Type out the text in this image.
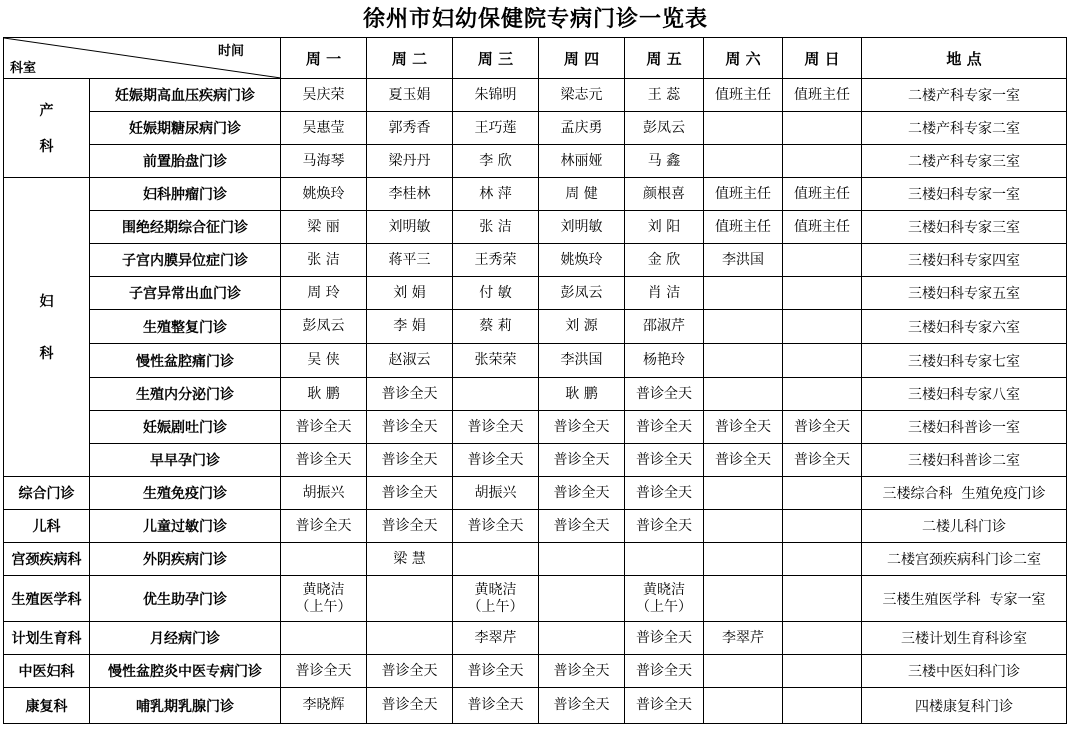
徐州市妇幼保健院专病门诊一览表
时间
科室		周 一	周 二	周 三	周 四	周 五	周 六	周 日	地 点
产

科	妊娠期高血压疾病门诊	吴庆荣	夏玉娟	朱锦明	梁志元	王 蕊	值班主任	值班主任	二楼产科专家一室
	妊娠期糖尿病门诊	吴惠莹	郭秀香	王巧莲	孟庆勇	彭凤云			二楼产科专家二室
	前置胎盘门诊	马海琴	梁丹丹	李 欣	林丽娅	马 鑫			二楼产科专家三室
妇

科	妇科肿瘤门诊	姚焕玲	李桂林	林 萍	周 健	颜根喜	值班主任	值班主任	三楼妇科专家一室
	围绝经期综合征门诊	梁 丽	刘明敏	张 洁	刘明敏	刘 阳	值班主任	值班主任	三楼妇科专家三室
	子宫内膜异位症门诊	张 洁	蒋平三	王秀荣	姚焕玲	金 欣	李洪国		三楼妇科专家四室
	子宫异常出血门诊	周 玲	刘 娟	付 敏	彭凤云	肖 洁			三楼妇科专家五室
	生殖整复门诊	彭凤云	李 娟	蔡 莉	刘 源	邵淑芹			三楼妇科专家六室
	慢性盆腔痛门诊	吴 侠	赵淑云	张荣荣	李洪国	杨艳玲			三楼妇科专家七室
	生殖内分泌门诊	耿 鹏	普诊全天		耿 鹏	普诊全天			三楼妇科专家八室
	妊娠剧吐门诊	普诊全天	普诊全天	普诊全天	普诊全天	普诊全天	普诊全天	普诊全天	三楼妇科普诊一室
	早早孕门诊	普诊全天	普诊全天	普诊全天	普诊全天	普诊全天	普诊全天	普诊全天	三楼妇科普诊二室
综合门诊	生殖免疫门诊	胡振兴	普诊全天	胡振兴	普诊全天	普诊全天			三楼综合科  生殖免疫门诊
儿科	儿童过敏门诊	普诊全天	普诊全天	普诊全天	普诊全天	普诊全天			二楼儿科门诊
宫颈疾病科	外阴疾病门诊		梁 慧						二楼宫颈疾病科门诊二室
生殖医学科	优生助孕门诊	黄晓洁
（上午）		黄晓洁
（上午）		黄晓洁
（上午）			三楼生殖医学科  专家一室
计划生育科	月经病门诊			李翠芹		普诊全天	李翠芹		三楼计划生育科诊室
中医妇科	慢性盆腔炎中医专病门诊	普诊全天	普诊全天	普诊全天	普诊全天	普诊全天			三楼中医妇科门诊
康复科	哺乳期乳腺门诊	李晓辉	普诊全天	普诊全天	普诊全天	普诊全天			四楼康复科门诊
